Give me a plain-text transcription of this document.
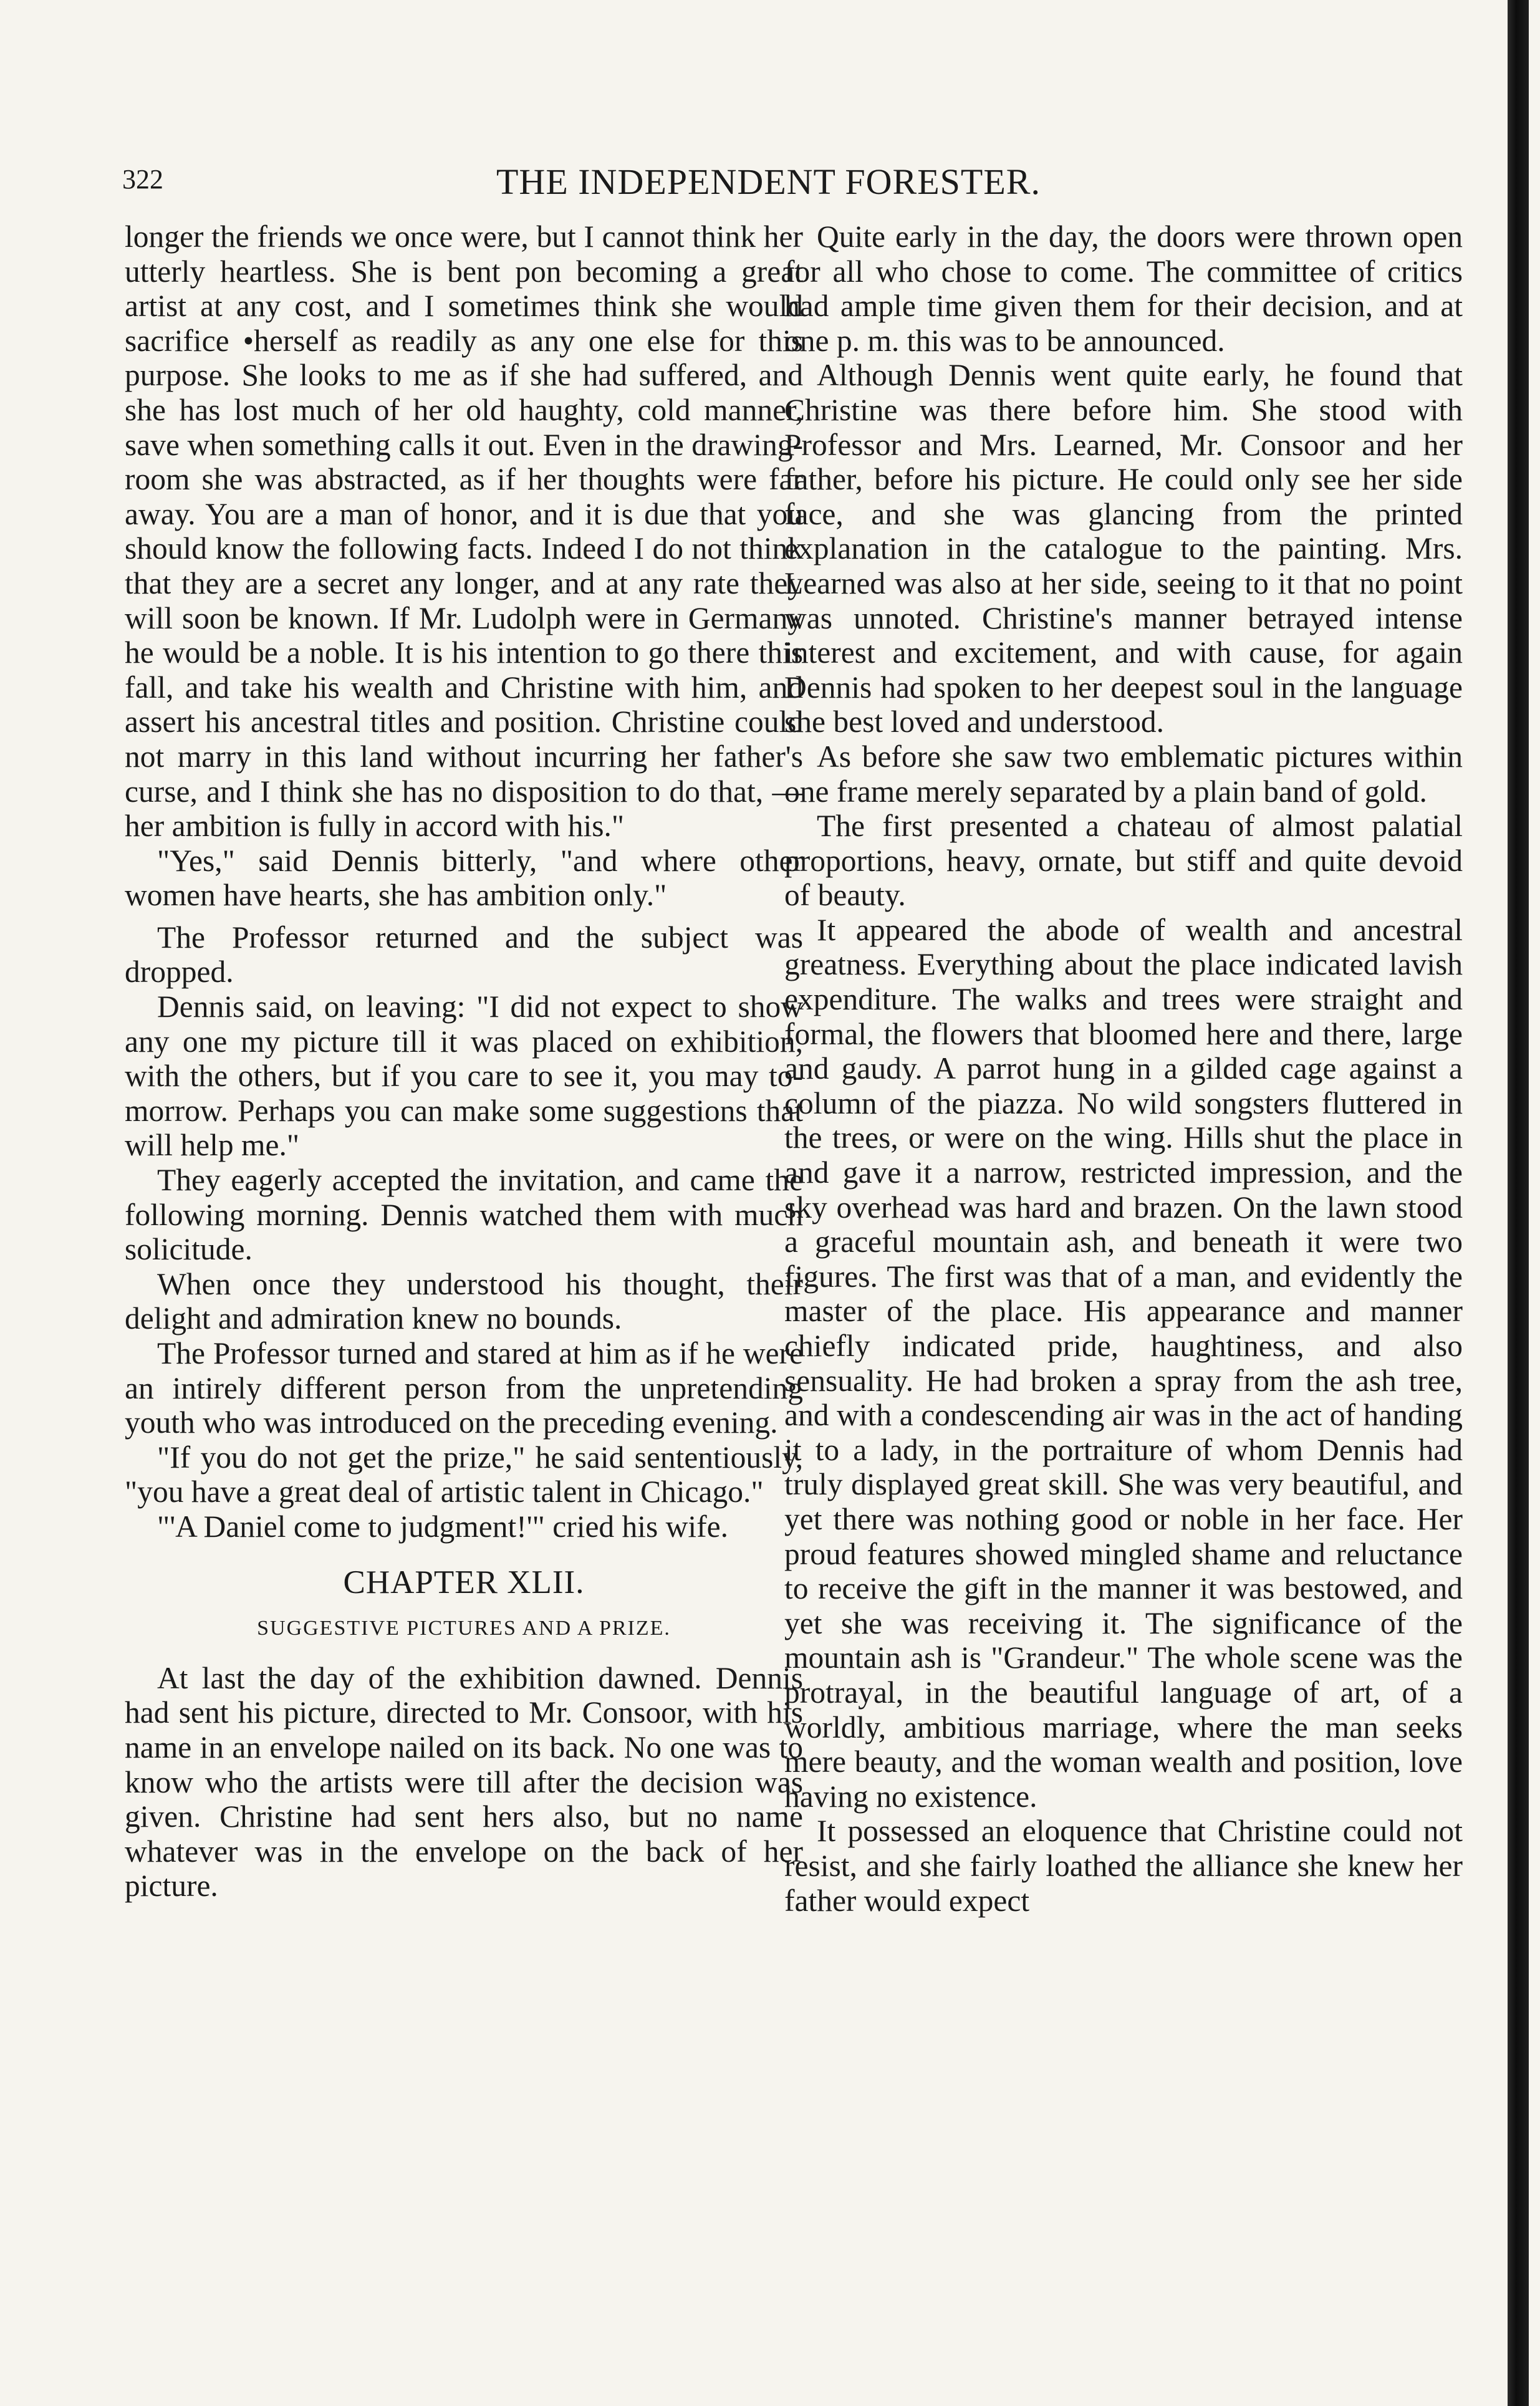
322	THE INDEPENDENT FORESTER.

longer the friends we once were, but I cannot think her utterly heartless. She is bent pon becoming a great artist at any cost, and I sometimes think she would sacrifice •herself as readily as any one else for this purpose. She looks to me as if she had suffered, and she has lost much of her old haughty, cold manner, save when something calls it out. Even in the drawing-room she was abstracted, as if her thoughts were far away. You are a man of honor, and it is due that you should know the following facts. Indeed I do not think that they are a secret any longer, and at any rate they will soon be known. If Mr. Ludolph were in Germany he would be a noble. It is his intention to go there this fall, and take his wealth and Christine with him, and assert his ancestral titles and position. Christine could not marry in this land without incurring her father's curse, and I think she has no disposition to do that, —her ambition is fully in accord with his."

"Yes," said Dennis bitterly, "and where other women have hearts, she has ambition only."

The Professor returned and the subject was dropped.

Dennis said, on leaving: "I did not expect to show any one my picture till it was placed on exhibition, with the others, but if you care to see it, you may to-morrow. Perhaps you can make some suggestions that will help me."

They eagerly accepted the invitation, and came the following morning. Dennis watched them with much solicitude.

When once they understood his thought, their delight and admiration knew no bounds.

The Professor turned and stared at him as if he were an intirely different person from the unpretending youth who was introduced on the preceding evening.

"If you do not get the prize," he said sententiously, "you have a great deal of artistic talent in Chicago."

"'A Daniel come to judgment!'" cried his wife.

CHAPTER XLII.
SUGGESTIVE PICTURES AND A PRIZE.

At last the day of the exhibition dawned. Dennis had sent his picture, directed to Mr. Consoor, with his name in an envelope nailed on its back. No one was to know who the artists were till after the decision was given. Christine had sent hers also, but no name whatever was in the envelope on the back of her picture.

Quite early in the day, the doors were thrown open for all who chose to come. The committee of critics had ample time given them for their decision, and at one p. m. this was to be announced.

Although Dennis went quite early, he found that Christine was there before him. She stood with Professor and Mrs. Learned, Mr. Consoor and her father, before his picture. He could only see her side face, and she was glancing from the printed explanation in the catalogue to the painting. Mrs. Learned was also at her side, seeing to it that no point was unnoted. Christine's manner betrayed intense interest and excitement, and with cause, for again Dennis had spoken to her deepest soul in the language she best loved and understood.

As before she saw two emblematic pictures within one frame merely separated by a plain band of gold.

The first presented a chateau of almost palatial proportions, heavy, ornate, but stiff and quite devoid of beauty.

It appeared the abode of wealth and ancestral greatness. Everything about the place indicated lavish expenditure. The walks and trees were straight and formal, the flowers that bloomed here and there, large and gaudy. A parrot hung in a gilded cage against a column of the piazza. No wild songsters fluttered in the trees, or were on the wing. Hills shut the place in and gave it a narrow, restricted impression, and the sky overhead was hard and brazen. On the lawn stood a graceful mountain ash, and beneath it were two figures. The first was that of a man, and evidently the master of the place. His appearance and manner chiefly indicated pride, haughtiness, and also sensuality. He had broken a spray from the ash tree, and with a condescending air was in the act of handing it to a lady, in the portraiture of whom Dennis had truly displayed great skill. She was very beautiful, and yet there was nothing good or noble in her face. Her proud features showed mingled shame and reluctance to receive the gift in the manner it was bestowed, and yet she was receiving it. The significance of the mountain ash is "Grandeur." The whole scene was the protrayal, in the beautiful language of art, of a worldly, ambitious marriage, where the man seeks mere beauty, and the woman wealth and position, love having no existence.

It possessed an eloquence that Christine could not resist, and she fairly loathed the alliance she knew her father would expect
